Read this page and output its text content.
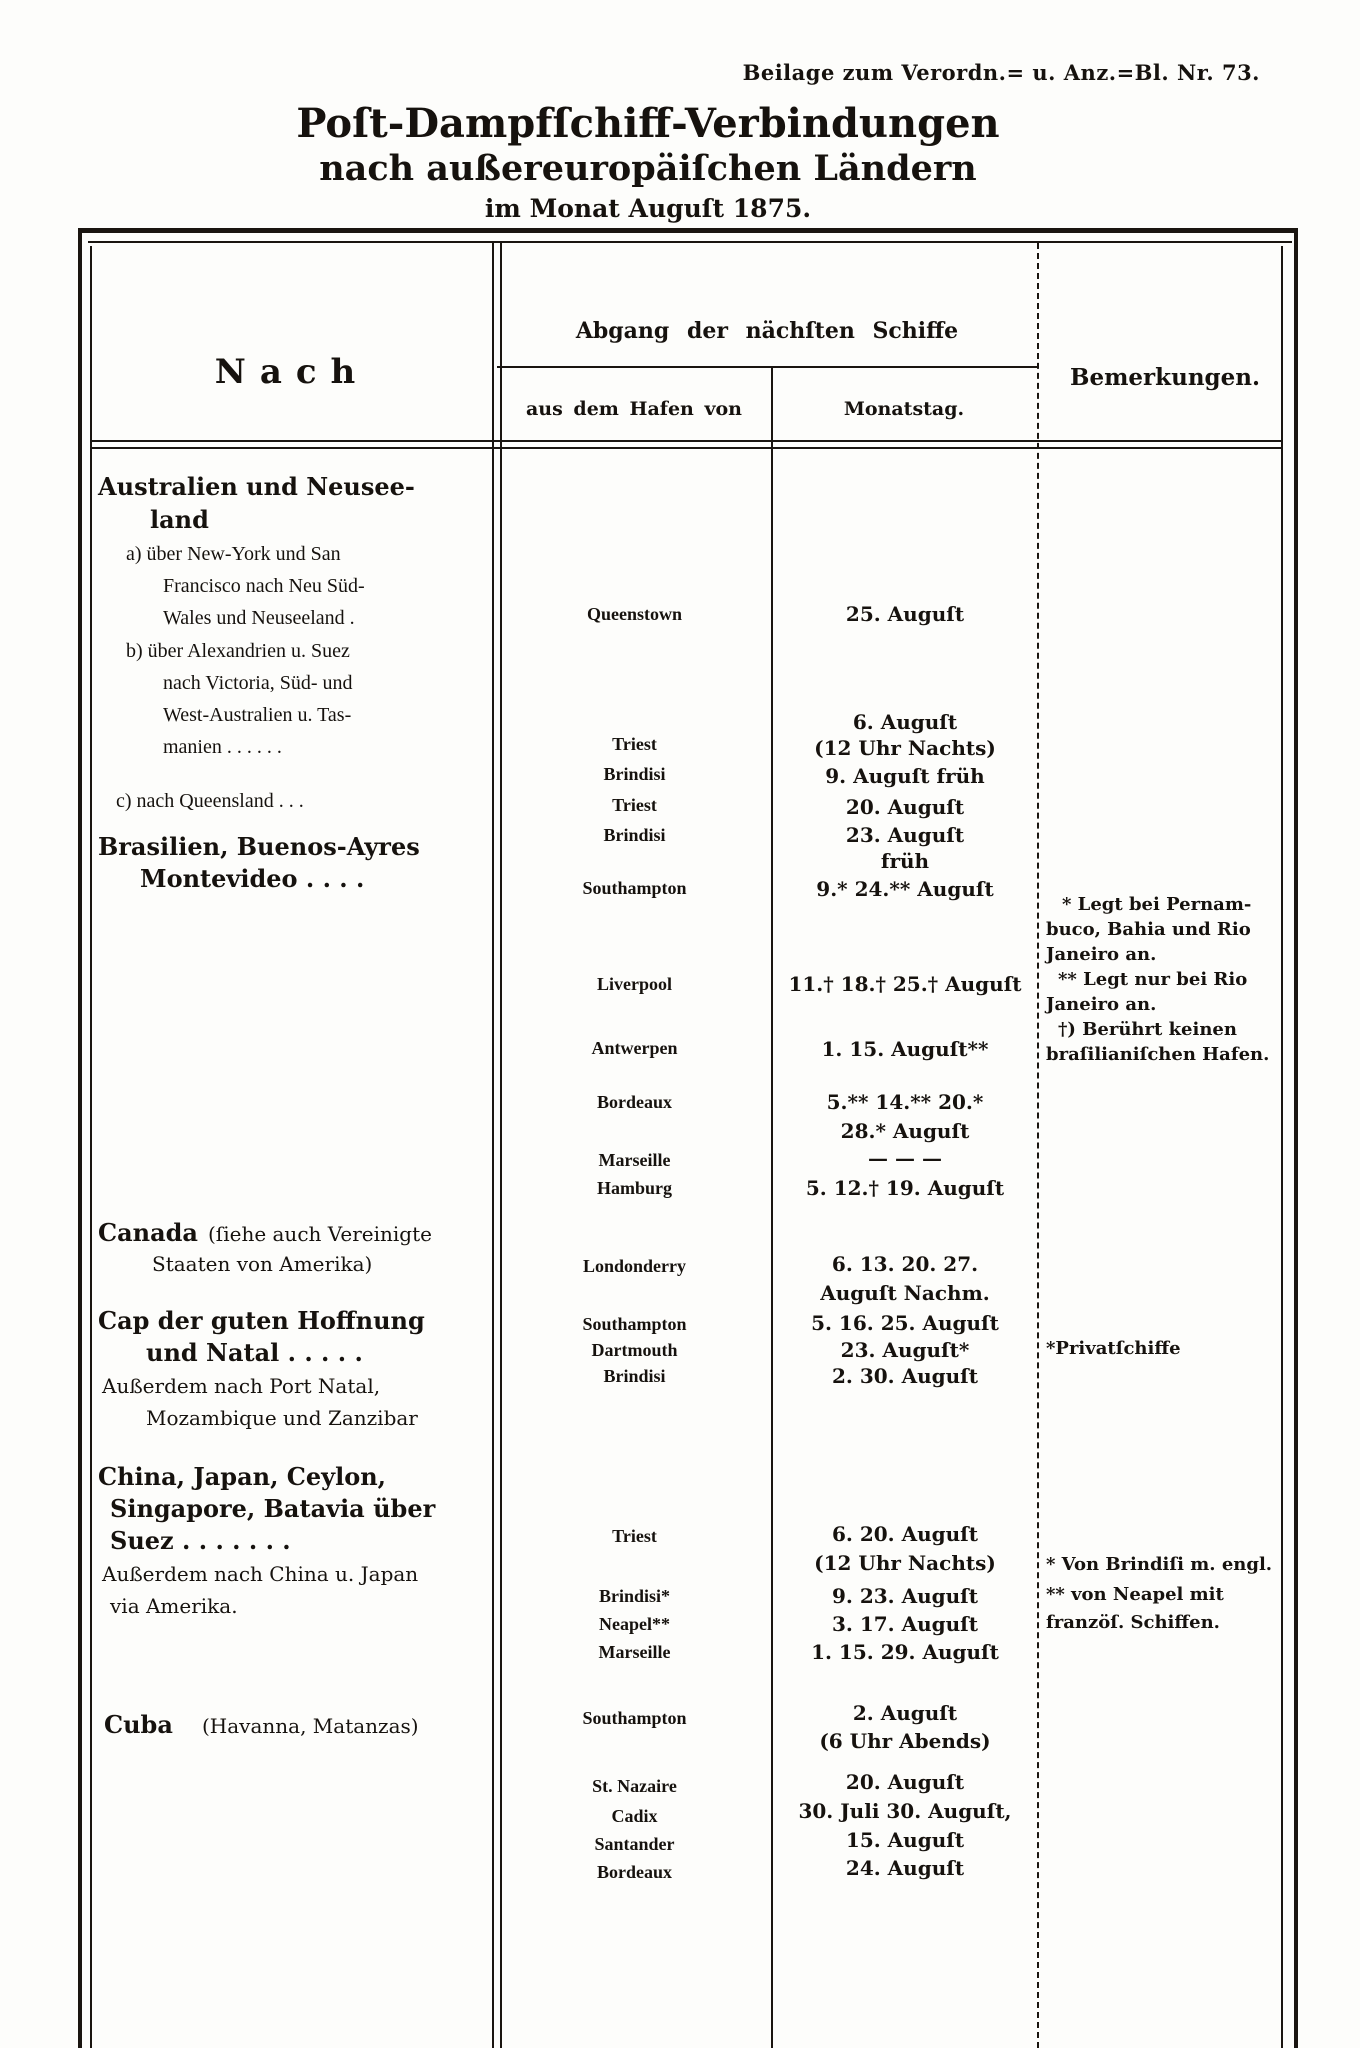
Beilage zum Verordn.= u. Anz.=Bl. Nr. 73.
Poſt-Dampfſchiff-Verbindungen
nach außereuropäiſchen Ländern
im Monat Auguſt 1875.
Nach
Abgang der nächſten Schiffe
aus dem Hafen von	Monatstag.
Bemerkungen.
Australien und Neusee-
land
a) über New-York und San
Francisco nach Neu Süd-
Wales und Neuseeland .
b) über Alexandrien u. Suez
nach Victoria, Süd- und
West-Australien u. Tas-
manien . . . . . .
c) nach Queensland . . .
Brasilien, Buenos-Ayres
Montevideo . . . .
Canada (ſiehe auch Vereinigte
Staaten von Amerika)
Cap der guten Hoffnung
und Natal . . . . .
Außerdem nach Port Natal,
Mozambique und Zanzibar
China, Japan, Ceylon,
Singapore, Batavia über
Suez . . . . . . .
Außerdem nach China u. Japan
via Amerika.
Cuba (Havanna, Matanzas)
Queenstown
Triest
Brindisi
Triest
Brindisi
Southampton
Liverpool
Antwerpen
Bordeaux
Marseille
Hamburg
Londonderry
Southampton
Dartmouth
Brindisi
Triest
Brindisi*
Neapel**
Marseille
Southampton
St. Nazaire
Cadix
Santander
Bordeaux
25. Auguſt
6. Auguſt
(12 Uhr Nachts)
9. Auguſt früh
20. Auguſt
23. Auguſt
früh
9.* 24.** Auguſt
11.† 18.† 25.† Auguſt
1. 15. Auguſt**
5.** 14.** 20.*
28.* Auguſt
— — —
5. 12.† 19. Auguſt
6. 13. 20. 27.
Auguſt Nachm.
5. 16. 25. Auguſt
23. Auguſt*
2. 30. Auguſt
6. 20. Auguſt
(12 Uhr Nachts)
9. 23. Auguſt
3. 17. Auguſt
1. 15. 29. Auguſt
2. Auguſt
(6 Uhr Abends)
20. Auguſt
30. Juli 30. Auguſt,
15. Auguſt
24. Auguſt
* Legt bei Pernam-
buco, Bahia und Rio
Janeiro an.
** Legt nur bei Rio
Janeiro an.
†) Berührt keinen
braſilianiſchen Hafen.
*Privatſchiffe
* Von Brindiſi m. engl.
** von Neapel mit
franzöſ. Schiffen.
